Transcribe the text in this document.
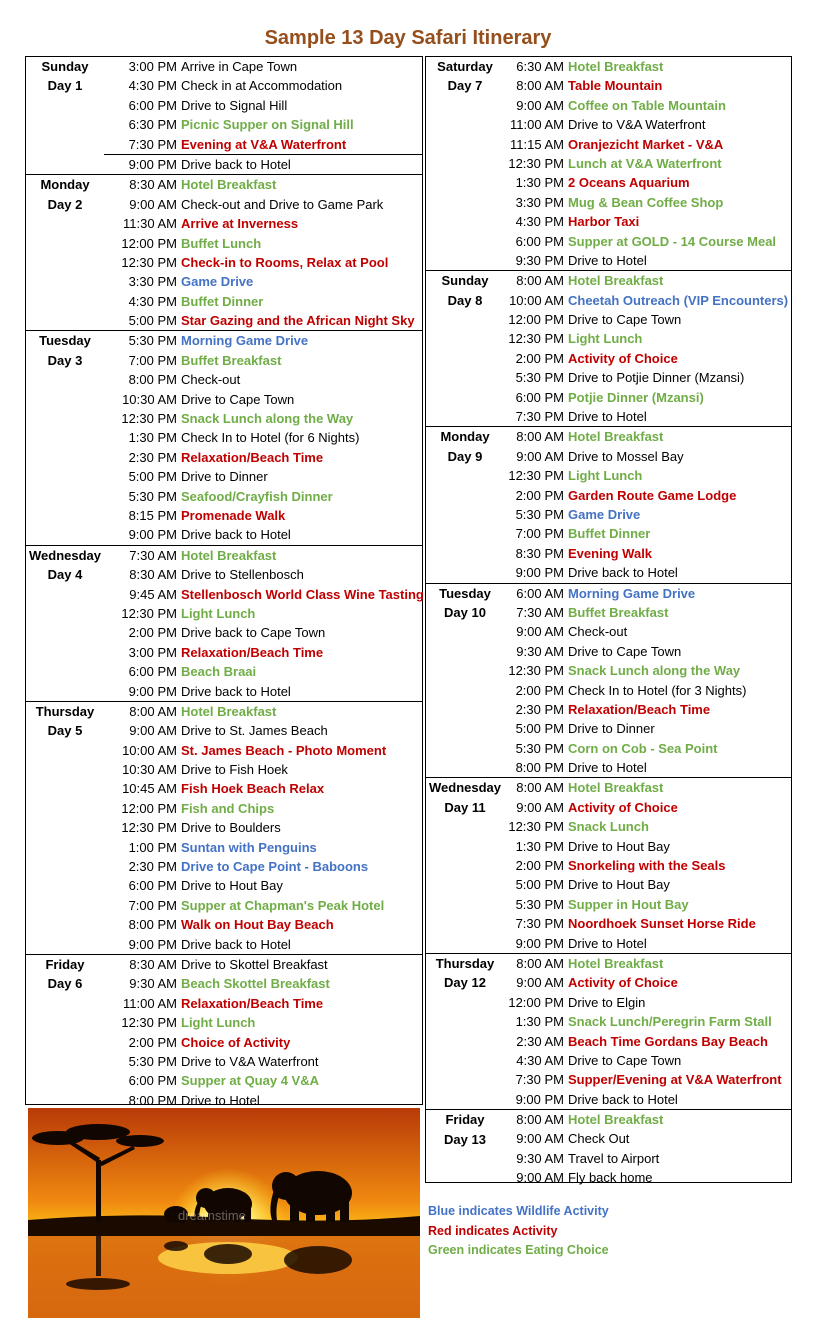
Sample 13 Day Safari Itinerary
Sunday
Day 1
3:00 PM Arrive in Cape Town
4:30 PM Check in at Accommodation
6:00 PM Drive to Signal Hill
6:30 PM Picnic Supper on Signal Hill
7:30 PM Evening at V&A Waterfront
9:00 PM Drive back to Hotel
Monday
Day 2
8:30 AM Hotel Breakfast
9:00 AM Check-out and Drive to Game Park
11:30 AM Arrive at Inverness
12:00 PM Buffet Lunch
12:30 PM Check-in to Rooms, Relax at Pool
3:30 PM Game Drive
4:30 PM Buffet Dinner
5:00 PM Star Gazing and the African Night Sky
Tuesday
Day 3
5:30 PM Morning Game Drive
7:00 PM Buffet Breakfast
8:00 PM Check-out
10:30 AM Drive to Cape Town
12:30 PM Snack Lunch along the Way
1:30 PM Check In to Hotel (for 6 Nights)
2:30 PM Relaxation/Beach Time
5:00 PM Drive to Dinner
5:30 PM Seafood/Crayfish Dinner
8:15 PM Promenade Walk
9:00 PM Drive back to Hotel
Wednesday
Day 4
7:30 AM Hotel Breakfast
8:30 AM Drive to Stellenbosch
9:45 AM Stellenbosch World Class Wine Tasting
12:30 PM Light Lunch
2:00 PM Drive back to Cape Town
3:00 PM Relaxation/Beach Time
6:00 PM Beach Braai
9:00 PM Drive back to Hotel
Thursday
Day 5
8:00 AM Hotel Breakfast
9:00 AM Drive to St. James Beach
10:00 AM St. James Beach - Photo Moment
10:30 AM Drive to Fish Hoek
10:45 AM Fish Hoek Beach Relax
12:00 PM Fish and Chips
12:30 PM Drive to Boulders
1:00 PM Suntan with Penguins
2:30 PM Drive to Cape Point - Baboons
6:00 PM Drive to Hout Bay
7:00 PM Supper at Chapman's Peak Hotel
8:00 PM Walk on Hout Bay Beach
9:00 PM Drive back to Hotel
Friday
Day 6
8:30 AM Drive to Skottel Breakfast
9:30 AM Beach Skottel Breakfast
11:00 AM Relaxation/Beach Time
12:30 PM Light Lunch
2:00 PM Choice of Activity
5:30 PM Drive to V&A Waterfront
6:00 PM Supper at Quay 4 V&A
8:00 PM Drive to Hotel
Saturday
Day 7
6:30 AM Hotel Breakfast
8:00 AM Table Mountain
9:00 AM Coffee on Table Mountain
11:00 AM Drive to V&A Waterfront
11:15 AM Oranjezicht Market - V&A
12:30 PM Lunch at V&A Waterfront
1:30 PM 2 Oceans Aquarium
3:30 PM Mug & Bean Coffee Shop
4:30 PM Harbor Taxi
6:00 PM Supper at GOLD - 14 Course Meal
9:30 PM Drive to Hotel
Sunday
Day 8
8:00 AM Hotel Breakfast
10:00 AM Cheetah Outreach (VIP Encounters)
12:00 PM Drive to Cape Town
12:30 PM Light Lunch
2:00 PM Activity of Choice
5:30 PM Drive to Potjie Dinner (Mzansi)
6:00 PM Potjie Dinner (Mzansi)
7:30 PM Drive to Hotel
Monday
Day 9
8:00 AM Hotel Breakfast
9:00 AM Drive to Mossel Bay
12:30 PM Light Lunch
2:00 PM Garden Route Game Lodge
5:30 PM Game Drive
7:00 PM Buffet Dinner
8:30 PM Evening Walk
9:00 PM Drive back to Hotel
Tuesday
Day 10
6:00 AM Morning Game Drive
7:30 AM Buffet Breakfast
9:00 AM Check-out
9:30 AM Drive to Cape Town
12:30 PM Snack Lunch along the Way
2:00 PM Check In to Hotel (for 3 Nights)
2:30 PM Relaxation/Beach Time
5:00 PM Drive to Dinner
5:30 PM Corn on Cob - Sea Point
8:00 PM Drive to Hotel
Wednesday
Day 11
8:00 AM Hotel Breakfast
9:00 AM Activity of Choice
12:30 PM Snack Lunch
1:30 PM Drive to Hout Bay
2:00 PM Snorkeling with the Seals
5:00 PM Drive to Hout Bay
5:30 PM Supper in Hout Bay
7:30 PM Noordhoek Sunset Horse Ride
9:00 PM Drive to Hotel
Thursday
Day 12
8:00 AM Hotel Breakfast
9:00 AM Activity of Choice
12:00 PM Drive to Elgin
1:30 PM Snack Lunch/Peregrin Farm Stall
2:30 AM Beach Time Gordans Bay Beach
4:30 AM Drive to Cape Town
7:30 PM Supper/Evening at V&A Waterfront
9:00 PM Drive back to Hotel
Friday
Day 13
8:00 AM Hotel Breakfast
9:00 AM Check Out
9:30 AM Travel to Airport
9:00 AM Fly back home
dreamstime	Blue indicates Wildlife Activity
Red indicates Activity
Green indicates Eating Choice
